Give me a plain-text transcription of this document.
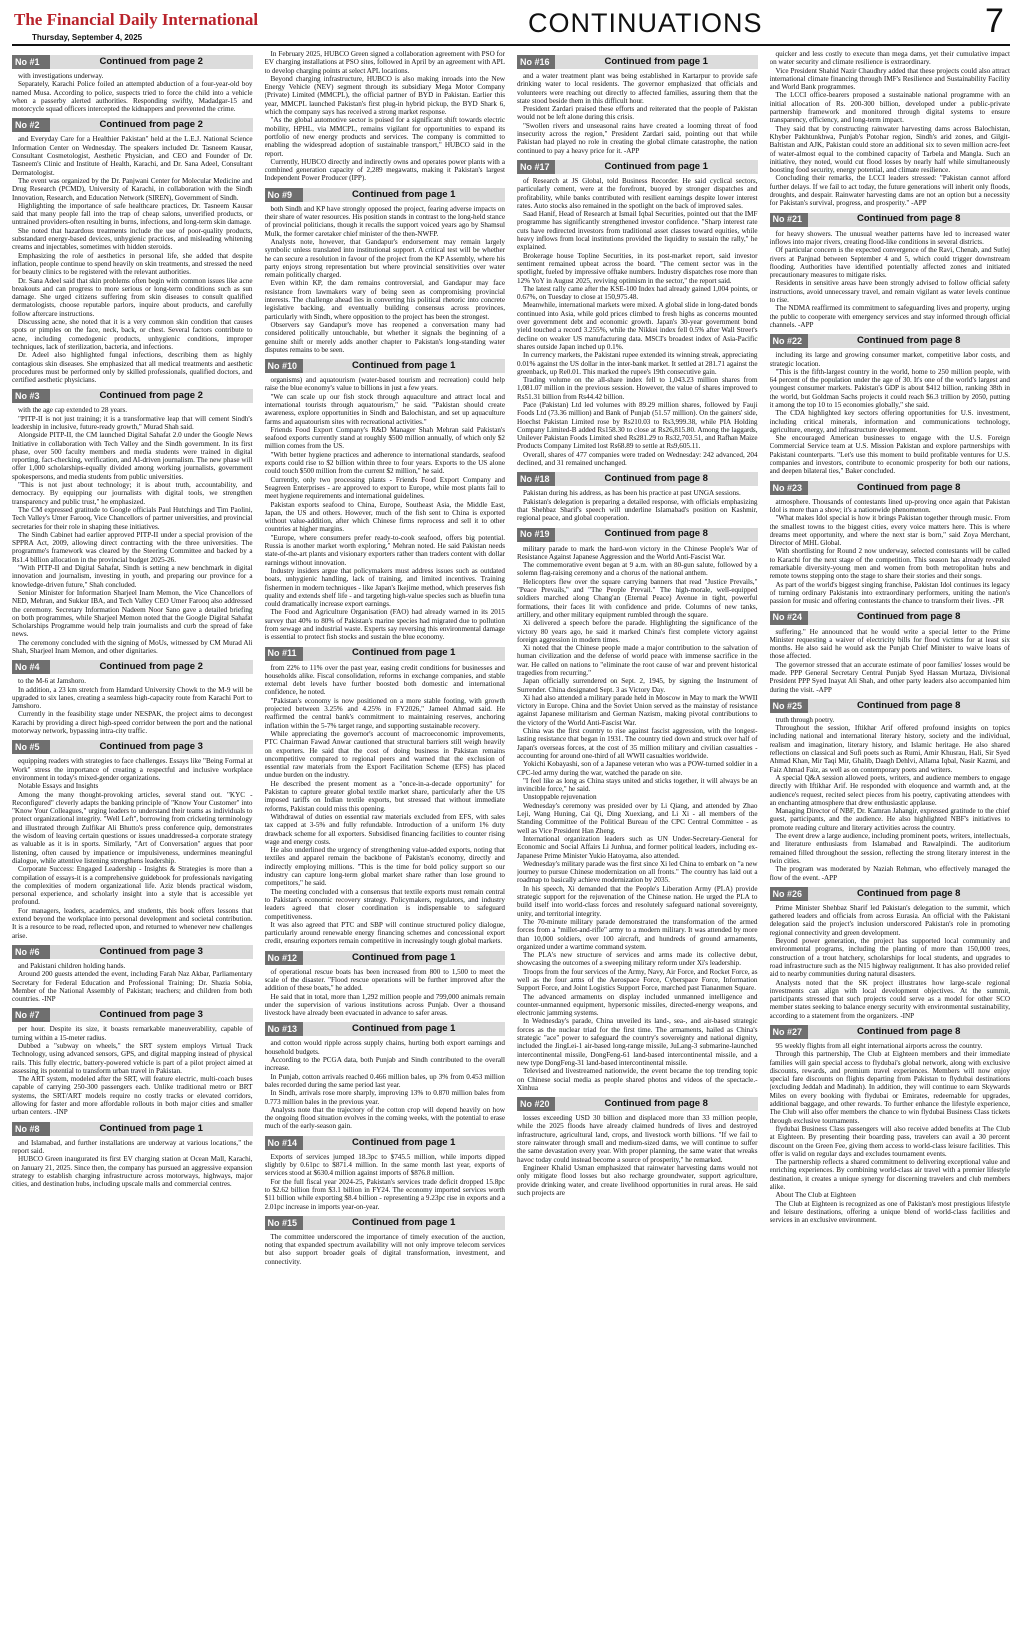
The Financial Daily International
Thursday, September 4, 2025	CONTINUATIONS	7
No #1	Continued from page 2

with investigations underway.

Separately, Karachi Police foiled an attempted abduction of a four-year-old boy named Musa. According to police, suspects tried to force the child into a vehicle when a passerby alerted authorities. Responding swiftly, Madadgar-15 and motorcycle squad officers intercepted the kidnappers and prevented the crime.

No #2	Continued from page 2

and Everyday Care for a Healthier Pakistan" held at the L.E.J. National Science Information Center on Wednesday. The speakers included Dr. Tasneem Kausar, Consultant Cosmetologist, Aesthetic Physician, and CEO and Founder of Dr. Tasneem's Clinic and Institute of Health, Karachi, and Dr. Sana Adeel, Consultant Dermatologist.

The event was organized by the Dr. Panjwani Center for Molecular Medicine and Drug Research (PCMD), University of Karachi, in collaboration with the Sindh Innovation, Research, and Education Network (SIREN), Government of Sindh.

Highlighting the importance of safe healthcare practices, Dr. Tasneem Kausar said that many people fall into the trap of cheap salons, unverified products, or untrained providers-often resulting in burns, infections, and long-term skin damage.

She noted that hazardous treatments include the use of poor-quality products, substandard energy-based devices, unhygienic practices, and misleading whitening creams and injectables, sometimes with hidden steroids.

Emphasizing the role of aesthetics in personal life, she added that despite inflation, people continue to spend heavily on skin treatments, and stressed the need for beauty clinics to be registered with the relevant authorities.

Dr. Sana Adeel said that skin problems often begin with common issues like acne breakouts and can progress to more serious or long-term conditions such as sun damage. She urged citizens suffering from skin diseases to consult qualified dermatologists, choose reputable parlors, inquire about products, and carefully follow aftercare instructions.

Discussing acne, she noted that it is a very common skin condition that causes spots or pimples on the face, neck, back, or chest. Several factors contribute to acne, including comedogenic products, unhygienic conditions, improper techniques, lack of sterilization, bacteria, and infections.

Dr. Adeel also highlighted fungal infections, describing them as highly contagious skin diseases. She emphasized that all medical treatments and aesthetic procedures must be performed only by skilled professionals, qualified doctors, and certified aesthetic physicians.

No #3	Continued from page 2

with the age cap extended to 28 years.

"PITP-II is not just training; it is a transformative leap that will cement Sindh's leadership in inclusive, future-ready growth," Murad Shah said.

Alongside PITP-II, the CM launched Digital Sahafat 2.0 under the Google News Initiative in collaboration with Tech Valley and the Sindh government. In its first phase, over 500 faculty members and media students were trained in digital reporting, fact-checking, verification, and AI-driven journalism. The new phase will offer 1,000 scholarships-equally divided among working journalists, government spokespersons, and media students from public universities.

"This is not just about technology; it is about truth, accountability, and democracy. By equipping our journalists with digital tools, we strengthen transparency and public trust," he emphasized.

The CM expressed gratitude to Google officials Paul Hutchings and Tim Paolini, Tech Valley's Umer Farooq, Vice Chancellors of partner universities, and provincial secretaries for their role in shaping these initiatives.

The Sindh Cabinet had earlier approved PITP-II under a special provision of the SPPRA Act, 2009, allowing direct contracting with the three universities. The programme's framework was cleared by the Steering Committee and backed by a Rs1.4 billion allocation in the provincial budget 2025-26.

"With PITP-II and Digital Sahafat, Sindh is setting a new benchmark in digital innovation and journalism, investing in youth, and preparing our province for a knowledge-driven future," Shah concluded.

Senior Minister for Information Sharjeel Inam Memon, the Vice Chancellors of NED, Mehran, and Sukkur IBA, and Tech Valley CEO Umer Farooq also addressed the ceremony. Secretary Information Nadeem Noor Sano gave a detailed briefing on both programmes, while Sharjeel Memon noted that the Google Digital Sahafat Scholarships Programme would help train journalists and curb the spread of fake news.

The ceremony concluded with the signing of MoUs, witnessed by CM Murad Ali Shah, Sharjeel Inam Memon, and other dignitaries.

No #4	Continued from page 2

to the M-6 at Jamshoro.

In addition, a 23 km stretch from Hamdard University Chowk to the M-9 will be upgraded to six lanes, creating a seamless high-capacity route from Karachi Port to Jamshoro.

Currently in the feasibility stage under NESPAK, the project aims to decongest Karachi by providing a direct high-speed corridor between the port and the national motorway network, bypassing intra-city traffic.

No #5	Continued from page 3

equipping readers with strategies to face challenges. Essays like "Being Formal at Work" stress the importance of creating a respectful and inclusive workplace environment in today's mixed-gender organizations.

Notable Essays and Insights

Among the many thought-provoking articles, several stand out. "KYC - Reconfigured" cleverly adapts the banking principle of "Know Your Customer" into "Know Your Colleagues," urging leaders to understand their teams as individuals to protect organizational integrity. "Well Left", borrowing from cricketing terminology and illustrated through Zulfikar Ali Bhutto's press conference quip, demonstrates the wisdom of leaving certain questions or issues unaddressed-a corporate strategy as valuable as it is in sports. Similarly, "Art of Conversation" argues that poor listening, often caused by impatience or impulsiveness, undermines meaningful dialogue, while attentive listening strengthens leadership.

Corporate Success: Engaged Leadership - Insights & Strategies is more than a compilation of essays-it is a comprehensive guidebook for professionals navigating the complexities of modern organizational life. Aziz blends practical wisdom, personal experience, and scholarly insight into a style that is accessible yet profound.

For managers, leaders, academics, and students, this book offers lessons that extend beyond the workplace into personal development and societal contribution. It is a resource to be read, reflected upon, and returned to whenever new challenges arise.

No #6	Continued from page 3

and Pakistani children holding hands.

Around 200 guests attended the event, including Farah Naz Akbar, Parliamentary Secretary for Federal Education and Professional Training; Dr. Shazia Sobia, Member of the National Assembly of Pakistan; teachers; and children from both countries. -INP

No #7	Continued from page 3

per hour. Despite its size, it boasts remarkable maneuverability, capable of turning within a 15-meter radius.

Dubbed a "subway on wheels," the SRT system employs Virtual Track Technology, using advanced sensors, GPS, and digital mapping instead of physical rails. This fully electric, battery-powered vehicle is part of a pilot project aimed at assessing its potential to transform urban travel in Pakistan.

The ART system, modeled after the SRT, will feature electric, multi-coach buses capable of carrying 250-300 passengers each. Unlike traditional metro or BRT systems, the SRT/ART models require no costly tracks or elevated corridors, allowing for faster and more affordable rollouts in both major cities and smaller urban centers. -INP

No #8	Continued from page 1

and Islamabad, and further installations are underway at various locations," the report said.

HUBCO Green inaugurated its first EV charging station at Ocean Mall, Karachi, on January 21, 2025. Since then, the company has pursued an aggressive expansion strategy to establish charging infrastructure across motorways, highways, major cities, and destination hubs, including upscale malls and commercial centres.

In February 2025, HUBCO Green signed a collaboration agreement with PSO for EV charging installations at PSO sites, followed in April by an agreement with APL to develop charging points at select APL locations.

Beyond charging infrastructure, HUBCO is also making inroads into the New Energy Vehicle (NEV) segment through its subsidiary Mega Motor Company (Private) Limited (MMCPL), the official partner of BYD in Pakistan. Earlier this year, MMCPL launched Pakistan's first plug-in hybrid pickup, the BYD Shark 6, which the company says has received a strong market response.

"As the global automotive sector is poised for a significant shift towards electric mobility, HPHL, via MMCPL, remains vigilant for opportunities to expand its portfolio of new energy products and services. The company is committed to enabling the widespread adoption of sustainable transport," HUBCO said in the report.

Currently, HUBCO directly and indirectly owns and operates power plants with a combined generation capacity of 2,289 megawatts, making it Pakistan's largest Independent Power Producer (IPP).

No #9	Continued from page 1

both Sindh and KP have strongly opposed the project, fearing adverse impacts on their share of water resources. His position stands in contrast to the long-held stance of provincial politicians, though it recalls the support voiced years ago by Shamsul Mulk, the former caretaker chief minister of the then-NWFP.

Analysts note, however, that Gandapur's endorsement may remain largely symbolic unless translated into institutional support. A critical test will be whether he can secure a resolution in favour of the project from the KP Assembly, where his party enjoys strong representation but where provincial sensitivities over water remain politically charged.

Even within KP, the dam remains controversial, and Gandapur may face resistance from lawmakers wary of being seen as compromising provincial interests. The challenge ahead lies in converting his political rhetoric into concrete legislative backing, and eventually building consensus across provinces, particularly with Sindh, where opposition to the project has been the strongest.

Observers say Gandapur's move has reopened a conversation many had considered politically untouchable, but whether it signals the beginning of a genuine shift or merely adds another chapter to Pakistan's long-standing water disputes remains to be seen.

No #10	Continued from page 1

organisms) and aquatourism (water-based tourism and recreation) could help raise the blue economy's value to billions in just a few years.

"We can scale up our fish stock through aquaculture and attract local and international tourists through aquatourism," he said. "Pakistan should create awareness, explore opportunities in Sindh and Balochistan, and set up aquaculture farms and aquatourism sites with recreational activities."

Friends Food Export Company's R&D Manager Shah Mehran said Pakistan's seafood exports currently stand at roughly $500 million annually, of which only $2 million comes from the US.

"With better hygiene practices and adherence to international standards, seafood exports could rise to $2 billion within three to four years. Exports to the US alone could touch $500 million from the current $2 million," he said.

Currently, only two processing plants - Friends Food Export Company and Seagreen Enterprises - are approved to export to Europe, while most plants fail to meet hygiene requirements and international guidelines.

Pakistan exports seafood to China, Europe, Southeast Asia, the Middle East, Japan, the US and others. However, much of the fish sent to China is exported without value-addition, after which Chinese firms reprocess and sell it to other countries at higher margins.

"Europe, where consumers prefer ready-to-cook seafood, offers big potential. Russia is another market worth exploring," Mehran noted. He said Pakistan needs state-of-the-art plants and visionary exporters rather than traders content with dollar earnings without innovation.

Industry insiders argue that policymakers must address issues such as outdated boats, unhygienic handling, lack of training, and limited incentives. Training fishermen in modern techniques - like Japan's Ikejime method, which preserves fish quality and extends shelf life - and targeting high-value species such as bluefin tuna could dramatically increase export earnings.

The Food and Agriculture Organisation (FAO) had already warned in its 2015 survey that 40% to 80% of Pakistan's marine species had migrated due to pollution from sewage and industrial waste. Experts say reversing this environmental damage is essential to protect fish stocks and sustain the blue economy.

No #11	Continued from page 1

from 22% to 11% over the past year, easing credit conditions for businesses and households alike. Fiscal consolidation, reforms in exchange companies, and stable external debt levels have further boosted both domestic and international confidence, he noted.

"Pakistan's economy is now positioned on a more stable footing, with growth projected between 3.25% and 4.25% in FY2026," Jameel Ahmad said. He reaffirmed the central bank's commitment to maintaining reserves, anchoring inflation within the 5-7% target range, and supporting sustainable recovery.

While appreciating the governor's account of macroeconomic improvements, PTC Chairman Fawad Anwar cautioned that structural barriers still weigh heavily on exporters. He said that the cost of doing business in Pakistan remains uncompetitive compared to regional peers and warned that the exclusion of essential raw materials from the Export Facilitation Scheme (EFS) has placed undue burden on the industry.

He described the present moment as a "once-in-a-decade opportunity" for Pakistan to capture greater global textile market share, particularly after the US imposed tariffs on Indian textile exports, but stressed that without immediate reforms, Pakistan could miss this opening.

Withdrawal of duties on essential raw materials excluded from EFS, with sales tax capped at 3-5% and fully refundable. Introduction of a uniform 1% duty drawback scheme for all exporters. Subsidised financing facilities to counter rising wage and energy costs.

He also underlined the urgency of strengthening value-added exports, noting that textiles and apparel remain the backbone of Pakistan's economy, directly and indirectly employing millions. "This is the time for bold policy support so our industry can capture long-term global market share rather than lose ground to competitors," he said.

The meeting concluded with a consensus that textile exports must remain central to Pakistan's economic recovery strategy. Policymakers, regulators, and industry leaders agreed that closer coordination is indispensable to safeguard competitiveness.

It was also agreed that PTC and SBP will continue structured policy dialogue, particularly around renewable energy financing schemes and concessional export credit, ensuring exporters remain competitive in increasingly tough global markets.

No #12	Continued from page 1

of operational rescue boats has been increased from 800 to 1,500 to meet the scale of the disaster. "Flood rescue operations will be further improved after the addition of these boats," he added.

He said that in total, more than 1,292 million people and 799,000 animals remain under the supervision of various institutions across Punjab. Over a thousand livestock have already been evacuated in advance to safer areas.

No #13	Continued from page 1

and cotton would ripple across supply chains, hurting both export earnings and household budgets.

According to the PCGA data, both Punjab and Sindh contributed to the overall increase.

In Punjab, cotton arrivals reached 0.466 million bales, up 3% from 0.453 million bales recorded during the same period last year.

In Sindh, arrivals rose more sharply, improving 13% to 0.870 million bales from 0.773 million bales in the previous year.

Analysts note that the trajectory of the cotton crop will depend heavily on how the ongoing flood situation evolves in the coming weeks, with the potential to erase much of the early-season gain.

No #14	Continued from page 1

Exports of services jumped 18.3pc to $745.5 million, while imports dipped slightly by 0.61pc to $871.4 million. In the same month last year, exports of services stood at $630.4 million against imports of $876.8 million.

For the full fiscal year 2024-25, Pakistan's services trade deficit dropped 15.8pc to $2.62 billion from $3.1 billion in FY24. The economy imported services worth $11 billion while exporting $8.4 billion - representing a 9.23pc rise in exports and a 2.01pc increase in imports year-on-year.

No #15	Continued from page 1

The committee underscored the importance of timely execution of the auction, noting that expanded spectrum availability will not only improve telecom services but also support broader goals of digital transformation, investment, and connectivity.

No #16	Continued from page 1

and a water treatment plant was being established in Kartarpur to provide safe drinking water to local residents. The governor emphasized that officials and volunteers were reaching out directly to affected families, assuring them that the state stood beside them in this difficult hour.

President Zardari praised these efforts and reiterated that the people of Pakistan would not be left alone during this crisis.

"Swollen rivers and unseasonal rains have created a looming threat of food insecurity across the region," President Zardari said, pointing out that while Pakistan had played no role in creating the global climate catastrophe, the nation continued to pay a heavy price for it. -APP

No #17	Continued from page 1

of Research at JS Global, told Business Recorder. He said cyclical sectors, particularly cement, were at the forefront, buoyed by stronger dispatches and profitability, while banks contributed with resilient earnings despite lower interest rates. Auto stocks also remained in the spotlight on the back of improved sales.

Saad Hanif, Head of Research at Ismail Iqbal Securities, pointed out that the IMF programme has significantly strengthened investor confidence. "Sharp interest rate cuts have redirected investors from traditional asset classes toward equities, while heavy inflows from local institutions provided the liquidity to sustain the rally," he explained.

Brokerage house Topline Securities, in its post-market report, said investor sentiment remained upbeat across the board. "The cement sector was in the spotlight, fueled by impressive offtake numbers. Industry dispatches rose more than 12% YoY in August 2025, reviving optimism in the sector," the report said.

The latest rally came after the KSE-100 Index had already gained 1,004 points, or 0.67%, on Tuesday to close at 150,975.48.

Meanwhile, international markets were mixed. A global slide in long-dated bonds continued into Asia, while gold prices climbed to fresh highs as concerns mounted over government debt and economic growth. Japan's 30-year government bond yield touched a record 3.255%, while the Nikkei index fell 0.5% after Wall Street's decline on weaker US manufacturing data. MSCI's broadest index of Asia-Pacific shares outside Japan inched up 0.1%.

In currency markets, the Pakistani rupee extended its winning streak, appreciating 0.01% against the US dollar in the inter-bank market. It settled at 281.71 against the greenback, up Re0.01. This marked the rupee's 19th consecutive gain.

Trading volume on the all-share index fell to 1,043.23 million shares from 1,081.07 million in the previous session. However, the value of shares improved to Rs51.31 billion from Rs44.42 billion.

Pace (Pakistan) Ltd led volumes with 89.29 million shares, followed by Fauji Foods Ltd (73.36 million) and Bank of Punjab (51.57 million). On the gainers' side, Hoechst Pakistan Limited rose by Rs210.03 to Rs3,999.38, while PIA Holding Company Limited-B added Rs158.30 to close at Rs26,815.80. Among the laggards, Unilever Pakistan Foods Limited shed Rs281.29 to Rs32,703.51, and Rafhan Maize Products Company Limited lost Rs68.89 to settle at Rs9,605.11.

Overall, shares of 477 companies were traded on Wednesday: 242 advanced, 204 declined, and 31 remained unchanged.

No #18	Continued from page 8

Pakistan during his address, as has been his practice at past UNGA sessions.

Pakistan's delegation is preparing a detailed response, with officials emphasizing that Shehbaz Sharif's speech will underline Islamabad's position on Kashmir, regional peace, and global cooperation.

No #19	Continued from page 8

military parade to mark the hard-won victory in the Chinese People's War of Resistance Against Japanese Aggression and the World Anti-Fascist War.

The commemorative event began at 9 a.m. with an 80-gun salute, followed by a solemn flag-raising ceremony and a chorus of the national anthem.

Helicopters flew over the square carrying banners that read "Justice Prevails," "Peace Prevails," and "The People Prevail." The high-morale, well-equipped soldiers marched along Chang'an (Eternal Peace) Avenue in tight, powerful formations, their faces lit with confidence and pride. Columns of new tanks, artillery, and other military equipment rumbled through the square.

Xi delivered a speech before the parade. Highlighting the significance of the victory 80 years ago, he said it marked China's first complete victory against foreign aggression in modern times.

Xi noted that the Chinese people made a major contribution to the salvation of human civilization and the defense of world peace with immense sacrifice in the war. He called on nations to "eliminate the root cause of war and prevent historical tragedies from recurring."

Japan officially surrendered on Sept. 2, 1945, by signing the Instrument of Surrender. China designated Sept. 3 as Victory Day.

Xi had also attended a military parade held in Moscow in May to mark the WWII victory in Europe. China and the Soviet Union served as the mainstay of resistance against Japanese militarism and German Nazism, making pivotal contributions to the victory of the World Anti-Fascist War.

China was the first country to rise against fascist aggression, with the longest-lasting resistance that began in 1931. The country tied down and struck over half of Japan's overseas forces, at the cost of 35 million military and civilian casualties - accounting for around one-third of all WWII casualties worldwide.

Yokichi Kobayashi, son of a Japanese veteran who was a POW-turned soldier in a CPC-led army during the war, watched the parade on site.

"I feel like as long as China stays united and sticks together, it will always be an invincible force," he said.

Unstoppable rejuvenation

Wednesday's ceremony was presided over by Li Qiang, and attended by Zhao Leji, Wang Huning, Cai Qi, Ding Xuexiang, and Li Xi - all members of the Standing Committee of the Political Bureau of the CPC Central Committee - as well as Vice President Han Zheng.

International organization leaders such as UN Under-Secretary-General for Economic and Social Affairs Li Junhua, and former political leaders, including ex-Japanese Prime Minister Yukio Hatoyama, also attended.

Wednesday's military parade was the first since Xi led China to embark on "a new journey to pursue Chinese modernization on all fronts." The country has laid out a roadmap to basically achieve modernization by 2035.

In his speech, Xi demanded that the People's Liberation Army (PLA) provide strategic support for the rejuvenation of the Chinese nation. He urged the PLA to build itself into world-class forces and resolutely safeguard national sovereignty, unity, and territorial integrity.

The 70-minute military parade demonstrated the transformation of the armed forces from a "millet-and-rifle" army to a modern military. It was attended by more than 10,000 soldiers, over 100 aircraft, and hundreds of ground armaments, organized under a wartime command system.

The PLA's new structure of services and arms made its collective debut, showcasing the outcomes of a sweeping military reform under Xi's leadership.

Troops from the four services of the Army, Navy, Air Force, and Rocket Force, as well as the four arms of the Aerospace Force, Cyberspace Force, Information Support Force, and Joint Logistics Support Force, marched past Tiananmen Square.

The advanced armaments on display included unmanned intelligence and counter-unmanned equipment, hypersonic missiles, directed-energy weapons, and electronic jamming systems.

In Wednesday's parade, China unveiled its land-, sea-, and air-based strategic forces as the nuclear triad for the first time. The armaments, hailed as China's strategic "ace" power to safeguard the country's sovereignty and national dignity, included the JingLei-1 air-based long-range missile, JuLang-3 submarine-launched intercontinental missile, DongFeng-61 land-based intercontinental missile, and a new type DongFeng-31 land-based intercontinental missile.

Televised and livestreamed nationwide, the event became the top trending topic on Chinese social media as people shared photos and videos of the spectacle.-Xinhua

No #20	Continued from page 8

losses exceeding USD 30 billion and displaced more than 33 million people, while the 2025 floods have already claimed hundreds of lives and destroyed infrastructure, agricultural land, crops, and livestock worth billions. "If we fail to store rainwater through small and medium-sized dams, we will continue to suffer the same devastation every year. With proper planning, the same water that wreaks havoc today could instead become a source of prosperity," he remarked.

Engineer Khalid Usman emphasized that rainwater harvesting dams would not only mitigate flood losses but also recharge groundwater, support agriculture, provide drinking water, and create livelihood opportunities in rural areas. He said such projects are

quicker and less costly to execute than mega dams, yet their cumulative impact on water security and climate resilience is extraordinary.

Vice President Shahid Nazir Chaudhry added that these projects could also attract international climate financing through IMF's Resilience and Sustainability Facility and World Bank programmes.

The LCCI office-bearers proposed a sustainable national programme with an initial allocation of Rs. 200-300 billion, developed under a public-private partnership framework and monitored through digital systems to ensure transparency, efficiency, and long-term impact.

They said that by constructing rainwater harvesting dams across Balochistan, Khyber Pakhtunkhwa, Punjab's Potohar region, Sindh's arid zones, and Gilgit-Baltistan and AJK, Pakistan could store an additional six to seven million acre-feet of water-almost equal to the combined capacity of Tarbela and Mangla. Such an initiative, they noted, would cut flood losses by nearly half while simultaneously boosting food security, energy potential, and climate resilience.

Concluding their remarks, the LCCI leaders stressed: "Pakistan cannot afford further delays. If we fail to act today, the future generations will inherit only floods, droughts, and despair. Rainwater harvesting dams are not an option but a necessity for Pakistan's survival, progress, and prosperity." -APP

No #21	Continued from page 8

for heavy showers. The unusual weather patterns have led to increased water inflows into major rivers, creating flood-like conditions in several districts.

Of particular concern is the expected convergence of the Ravi, Chenab, and Sutlej rivers at Panjnad between September 4 and 5, which could trigger downstream flooding. Authorities have identified potentially affected zones and initiated precautionary measures to mitigate risks.

Residents in sensitive areas have been strongly advised to follow official safety instructions, avoid unnecessary travel, and remain vigilant as water levels continue to rise.

The NDMA reaffirmed its commitment to safeguarding lives and property, urging the public to cooperate with emergency services and stay informed through official channels. -APP

No #22	Continued from page 8

including its large and growing consumer market, competitive labor costs, and strategic location.

"This is the fifth-largest country in the world, home to 250 million people, with 64 percent of the population under the age of 30. It's one of the world's largest and youngest consumer markets. Pakistan's GDP is about $412 billion, ranking 38th in the world, but Goldman Sachs projects it could reach $6.3 trillion by 2050, putting it among the top 10 to 15 economies globally," she said.

The CDA highlighted key sectors offering opportunities for U.S. investment, including critical minerals, information and communications technology, agriculture, energy, and infrastructure development.

She encouraged American businesses to engage with the U.S. Foreign Commercial Service team at U.S. Mission Pakistan and explore partnerships with Pakistani counterparts. "Let's use this moment to build profitable ventures for U.S. companies and investors, contribute to economic prosperity for both our nations, and deepen bilateral ties," Baker concluded.

No #23	Continued from page 8

atmosphere. Thousands of contestants lined up-proving once again that Pakistan Idol is more than a show; it's a nationwide phenomenon.

"What makes Idol special is how it brings Pakistan together through music. From the smallest towns to the biggest cities, every voice matters here. This is where dreams meet opportunity, and where the next star is born," said Zoya Merchant, Director of MHL Global.

With shortlisting for Round 2 now underway, selected contestants will be called to Karachi for the next stage of the competition. This season has already revealed remarkable diversity-young men and women from both metropolitan hubs and remote towns stepping onto the stage to share their stories and their songs.

As part of the world's biggest singing franchise, Pakistan Idol continues its legacy of turning ordinary Pakistanis into extraordinary performers, uniting the nation's passion for music and offering contestants the chance to transform their lives. -PR

No #24	Continued from page 8

suffering." He announced that he would write a special letter to the Prime Minister requesting a waiver of electricity bills for flood victims for at least six months. He also said he would ask the Punjab Chief Minister to waive loans of those affected.

The governor stressed that an accurate estimate of poor families' losses would be made. PPP General Secretary Central Punjab Syed Hassan Murtaza, Divisional President PPP Syed Inayat Ali Shah, and other party leaders also accompanied him during the visit. -APP

No #25	Continued from page 8

truth through poetry.

Throughout the session, Iftikhar Arif offered profound insights on topics including national and international literary history, society and the individual, realism and imagination, literary history, and Islamic heritage. He also shared reflections on classical and Sufi poets such as Rumi, Amir Khusrau, Hali, Sir Syed Ahmad Khan, Mir Taqi Mir, Ghalib, Daagh Dehlvi, Allama Iqbal, Nasir Kazmi, and Faiz Ahmad Faiz, as well as on contemporary poets and writers.

A special Q&A session allowed poets, writers, and audience members to engage directly with Iftikhar Arif. He responded with eloquence and warmth and, at the audience's request, recited select pieces from his poetry, captivating attendees with an enchanting atmosphere that drew enthusiastic applause.

Managing Director of NBF, Dr. Kamran Jahangir, expressed gratitude to the chief guest, participants, and the audience. He also highlighted NBF's initiatives to promote reading culture and literary activities across the country.

The event drew a large audience, including prominent poets, writers, intellectuals, and literature enthusiasts from Islamabad and Rawalpindi. The auditorium remained filled throughout the session, reflecting the strong literary interest in the twin cities.

The program was moderated by Naziah Rehman, who effectively managed the flow of the event. -APP

No #26	Continued from page 8

Prime Minister Shehbaz Sharif led Pakistan's delegation to the summit, which gathered leaders and officials from across Eurasia. An official with the Pakistani delegation said the project's inclusion underscored Pakistan's role in promoting regional connectivity and green development.

Beyond power generation, the project has supported local community and environmental programs, including the planting of more than 150,000 trees, construction of a trout hatchery, scholarships for local students, and upgrades to road infrastructure such as the N15 highway realignment. It has also provided relief aid to nearby communities during natural disasters.

Analysts noted that the SK project illustrates how large-scale regional investments can align with local development objectives. At the summit, participants stressed that such projects could serve as a model for other SCO member states seeking to balance energy security with environmental sustainability, according to a statement from the organizers. -INP

No #27	Continued from page 8

95 weekly flights from all eight international airports across the country.

Through this partnership, The Club at Eighteen members and their immediate families will gain special access to flydubai's global network, along with exclusive discounts, rewards, and premium travel experiences. Members will now enjoy special fare discounts on flights departing from Pakistan to flydubai destinations (excluding Jeddah and Madinah). In addition, they will continue to earn Skywards Miles on every booking with flydubai or Emirates, redeemable for upgrades, additional baggage, and other rewards. To further enhance the lifestyle experience, The Club will also offer members the chance to win flydubai Business Class tickets through exclusive tournaments.

flydubai Business Class passengers will also receive added benefits at The Club at Eighteen. By presenting their boarding pass, travelers can avail a 30 percent discount on the Green Fee, giving them access to world-class leisure facilities. This offer is valid on regular days and excludes tournament events.

The partnership reflects a shared commitment to delivering exceptional value and enriching experiences. By combining world-class air travel with a premier lifestyle destination, it creates a unique synergy for discerning travelers and club members alike.

About The Club at Eighteen

The Club at Eighteen is recognized as one of Pakistan's most prestigious lifestyle and leisure destinations, offering a unique blend of world-class facilities and services in an exclusive environment.
